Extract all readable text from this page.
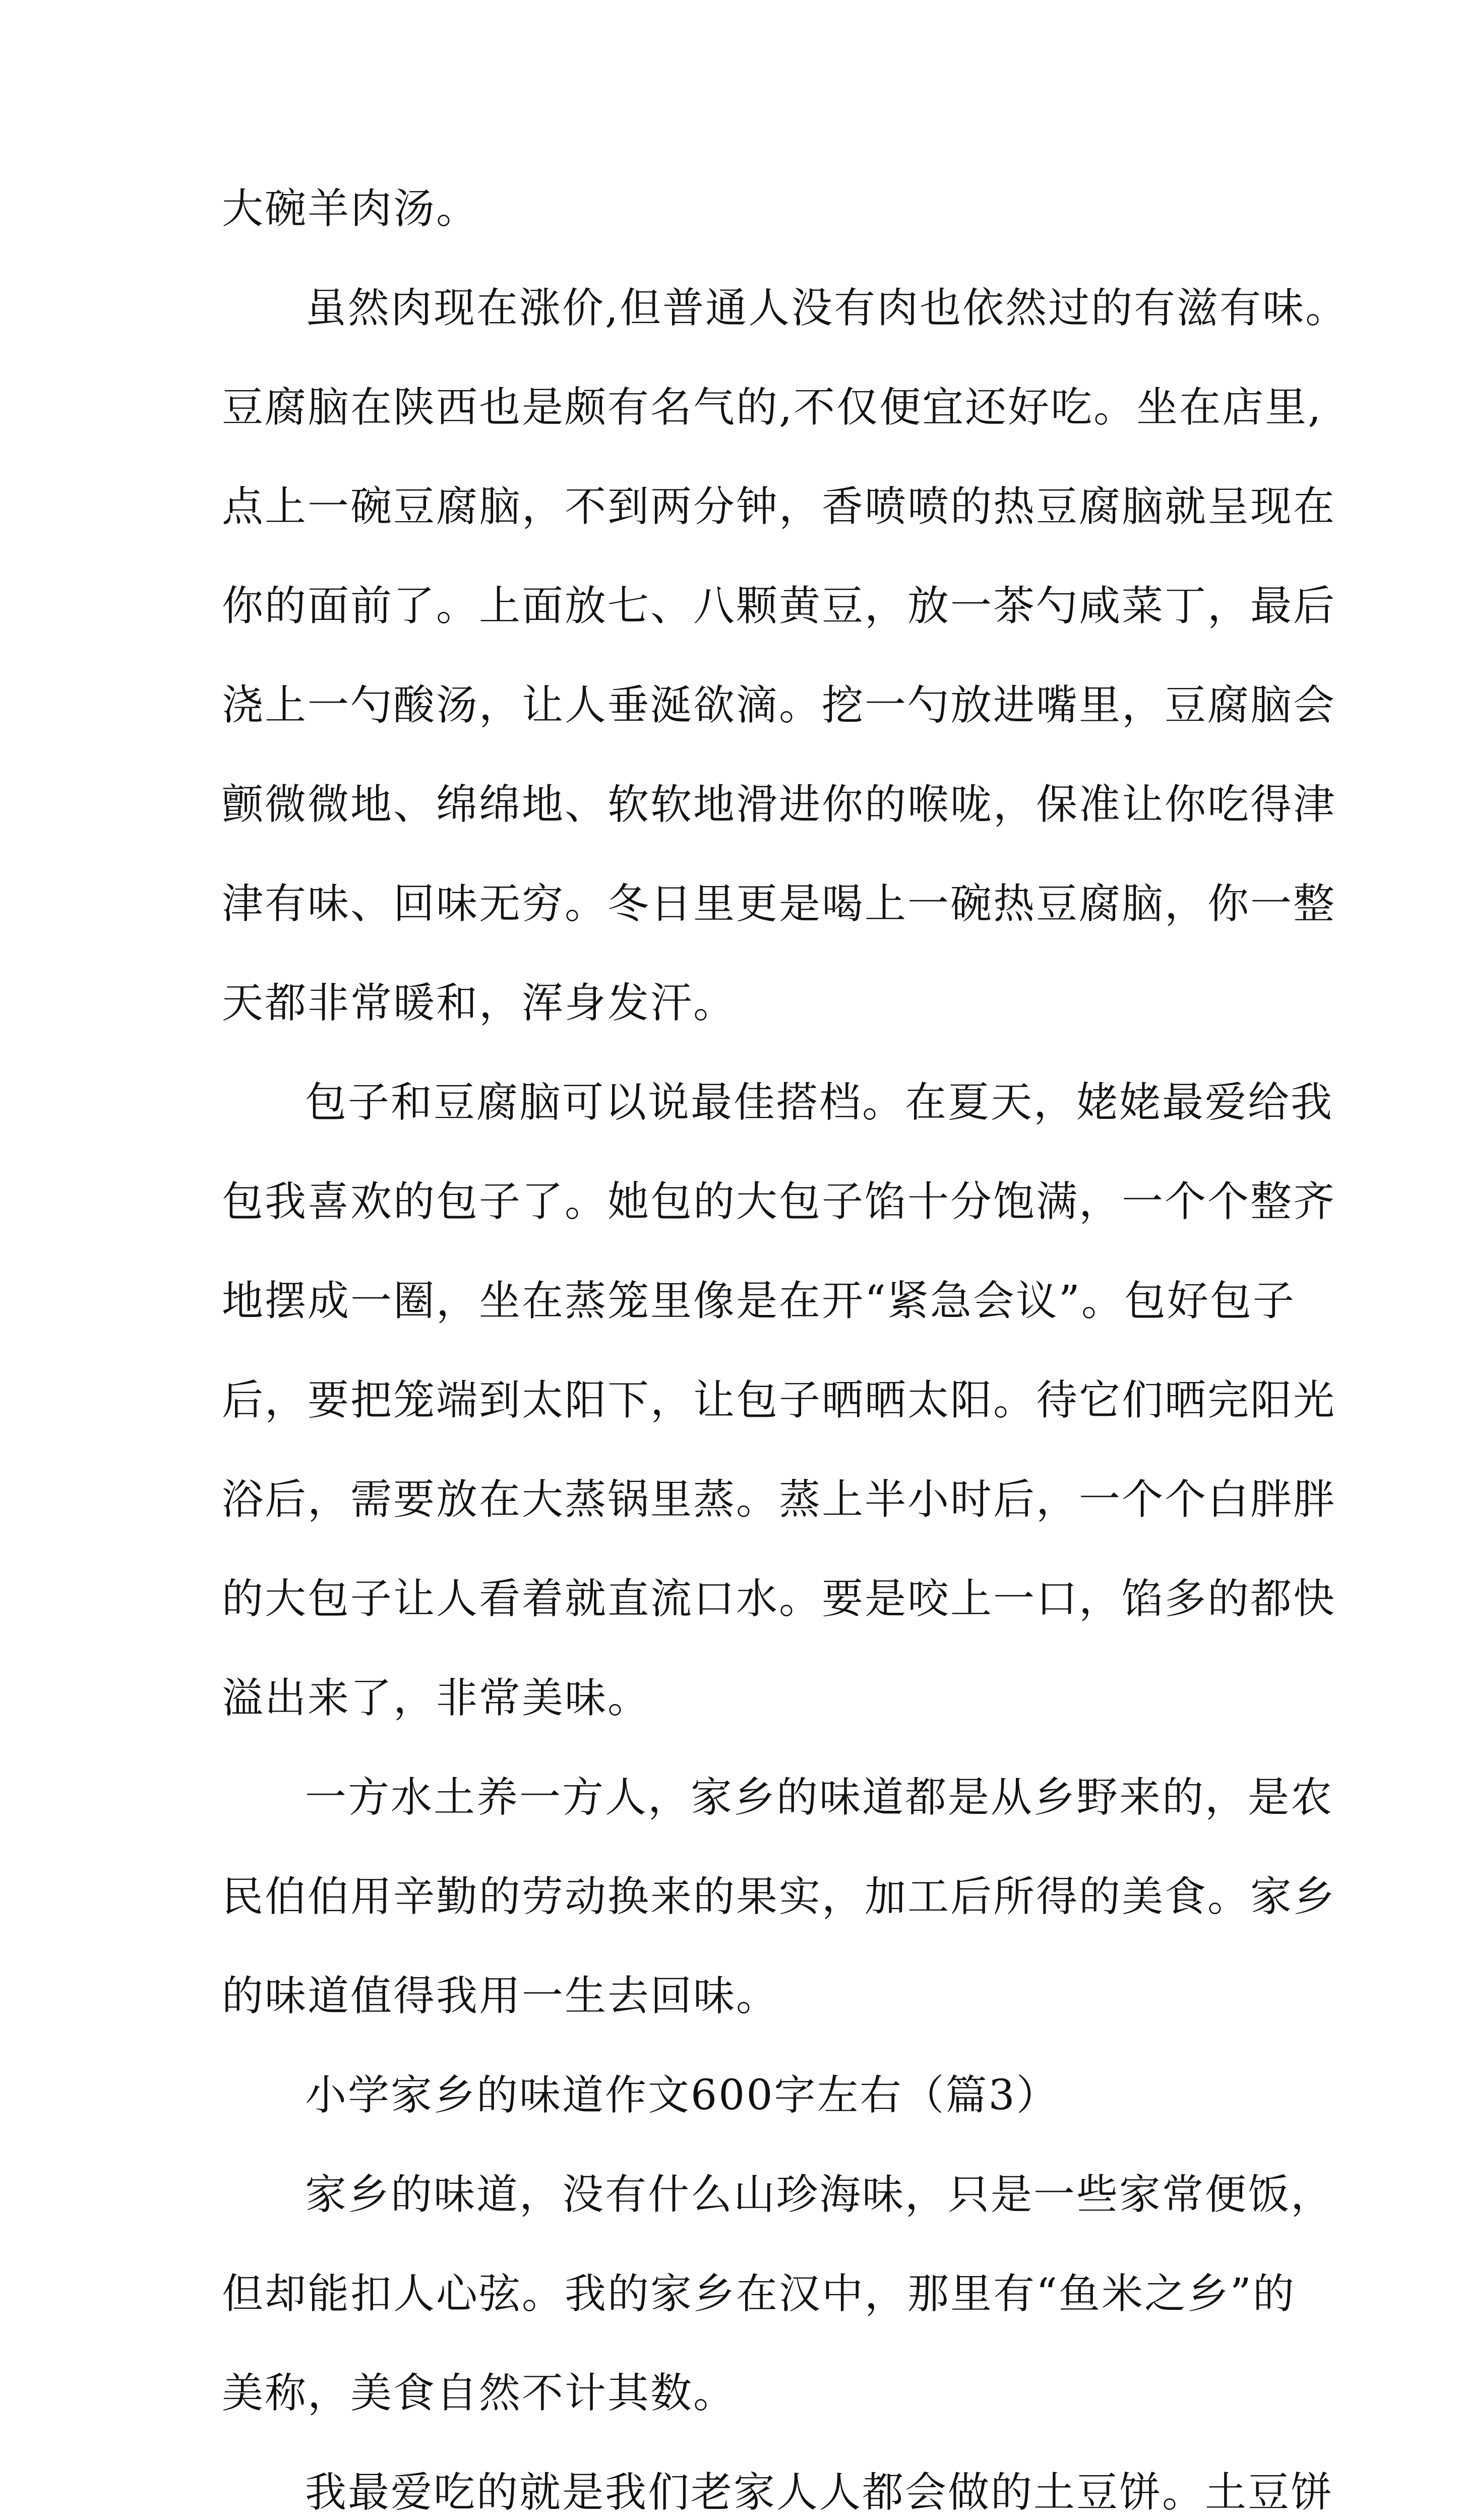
大碗羊肉汤。
虽然肉现在涨价,但普通人没有肉也依然过的有滋有味。
豆腐脑在陕西也是颇有名气的,不仅便宜还好吃。坐在店里,
点上一碗豆腐脑，不到两分钟，香喷喷的热豆腐脑就呈现在
你的面前了。上面放七、八颗黄豆，放一茶勺咸菜丁，最后
浇上一勺酸汤，让人垂涎欲滴。挖一勺放进嘴里，豆腐脑会
颤微微地、绵绵地、软软地滑进你的喉咙，保准让你吃得津
津有味、回味无穷。冬日里更是喝上一碗热豆腐脑，你一整
天都非常暖和，浑身发汗。
包子和豆腐脑可以说最佳搭档。在夏天，姥姥最爱给我
包我喜欢的包子了。她包的大包子馅十分饱满，一个个整齐
地摆成一圈，坐在蒸笼里像是在开“紧急会议”。包好包子
后，要把笼端到太阳下，让包子晒晒太阳。待它们晒完阳光
浴后，需要放在大蒸锅里蒸。蒸上半小时后，一个个白胖胖
的大包子让人看着就直流口水。要是咬上一口，馅多的都快
溢出来了，非常美味。
一方水土养一方人，家乡的味道都是从乡野来的，是农
民伯伯用辛勤的劳动换来的果实，加工后所得的美食。家乡
的味道值得我用一生去回味。
小学家乡的味道作文600字左右（篇3）
家乡的味道，没有什么山珍海味，只是一些家常便饭，
但却能扣人心弦。我的家乡在汉中，那里有“鱼米之乡”的
美称，美食自然不计其数。
我最爱吃的就是我们老家人人都会做的土豆饼。土豆饼
